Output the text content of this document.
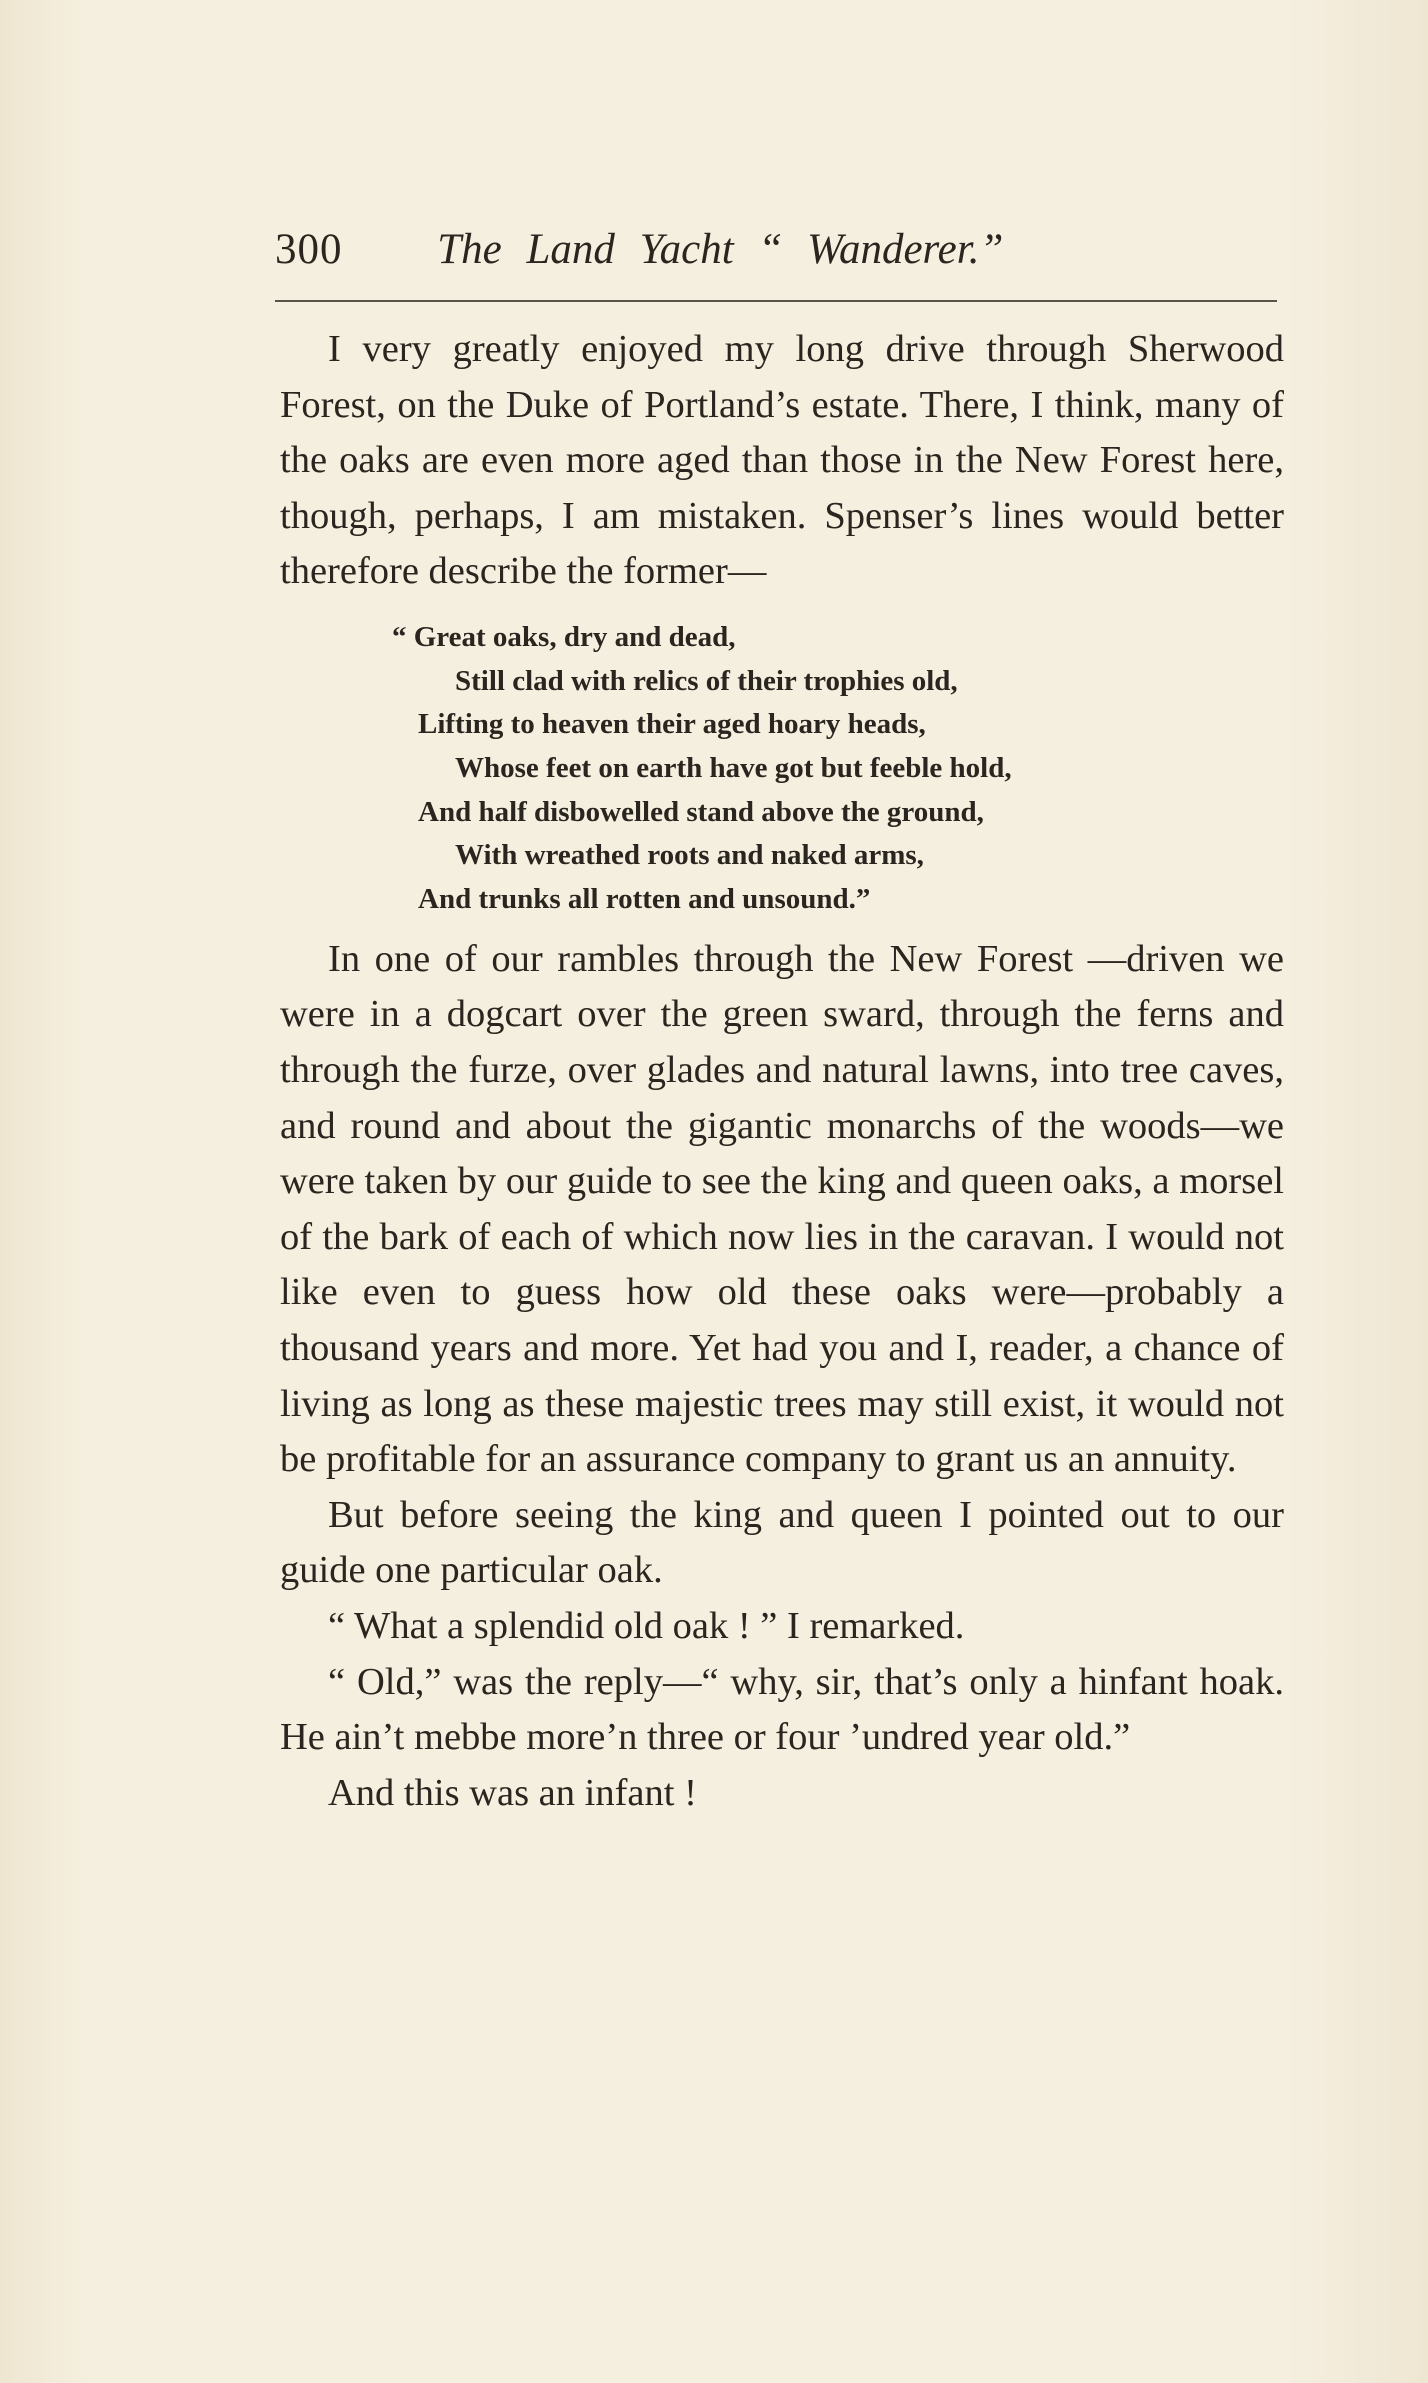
300 The Land Yacht “ Wanderer.”

I very greatly enjoyed my long drive through Sherwood Forest, on the Duke of Portland’s estate. There, I think, many of the oaks are even more aged than those in the New Forest here, though, perhaps, I am mistaken. Spenser’s lines would better therefore describe the former—

“ Great oaks, dry and dead,
Still clad with relics of their trophies old,
Lifting to heaven their aged hoary heads,
Whose feet on earth have got but feeble hold,
And half disbowelled stand above the ground,
With wreathed roots and naked arms,
And trunks all rotten and unsound.”

In one of our rambles through the New Forest —driven we were in a dogcart over the green sward, through the ferns and through the furze, over glades and natural lawns, into tree caves, and round and about the gigantic monarchs of the woods—we were taken by our guide to see the king and queen oaks, a morsel of the bark of each of which now lies in the caravan. I would not like even to guess how old these oaks were—probably a thousand years and more. Yet had you and I, reader, a chance of living as long as these majestic trees may still exist, it would not be profitable for an assurance company to grant us an annuity.

But before seeing the king and queen I pointed out to our guide one particular oak.

“ What a splendid old oak ! ” I remarked.

“ Old,” was the reply—“ why, sir, that’s only a hinfant hoak. He ain’t mebbe more’n three or four ’undred year old.”

And this was an infant !
